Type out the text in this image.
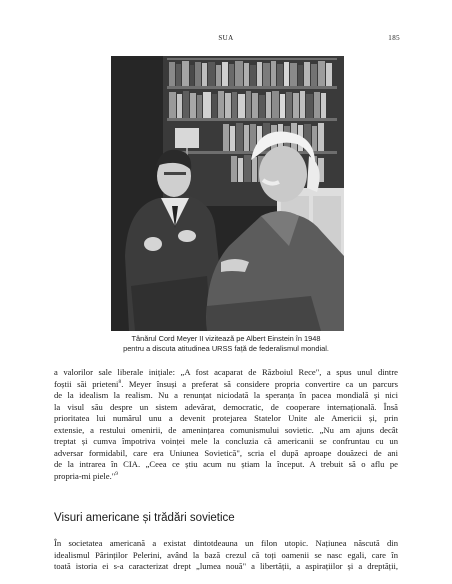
SUA	185
Tânărul Cord Meyer II vizitează pe Albert Einstein în 1948
pentru a discuta atitudinea URSS față de federalismul mondial.
a valorilor sale liberale inițiale: „A fost acaparat de Războiul Rece", a spus unul dintre
foștii săi prieteni$^8$. Meyer însuși a preferat să considere propria convertire ca un parcurs
de la idealism la realism. Nu a renunțat niciodată la speranța în pacea mondială și nici
la visul său despre un sistem adevărat, democratic, de cooperare internațională. Însă
prioritatea lui numărul unu a devenit protejarea Statelor Unite ale Americii și, prin
extensie, a restului omenirii, de amenințarea comunismului sovietic. „Nu am ajuns decât
treptat și cumva împotriva voinței mele la concluzia că americanii se confruntau cu un
adversar formidabil, care era Uniunea Sovietică", scria el după aproape douăzeci de ani
de la intrarea în CIA. „Ceea ce știu acum nu știam la început. A trebuit să o aflu pe
propria-mi piele."$^9$
Visuri americane și trădări sovietice
În societatea americană a existat dintotdeauna un filon utopic. Națiunea născută din
idealismul Părinților Pelerini, având la bază crezul că toți oamenii se nasc egali, care în
toată istoria ei s-a caracterizat drept „lumea nouă" a libertății, a aspirațiilor și a dreptății,
